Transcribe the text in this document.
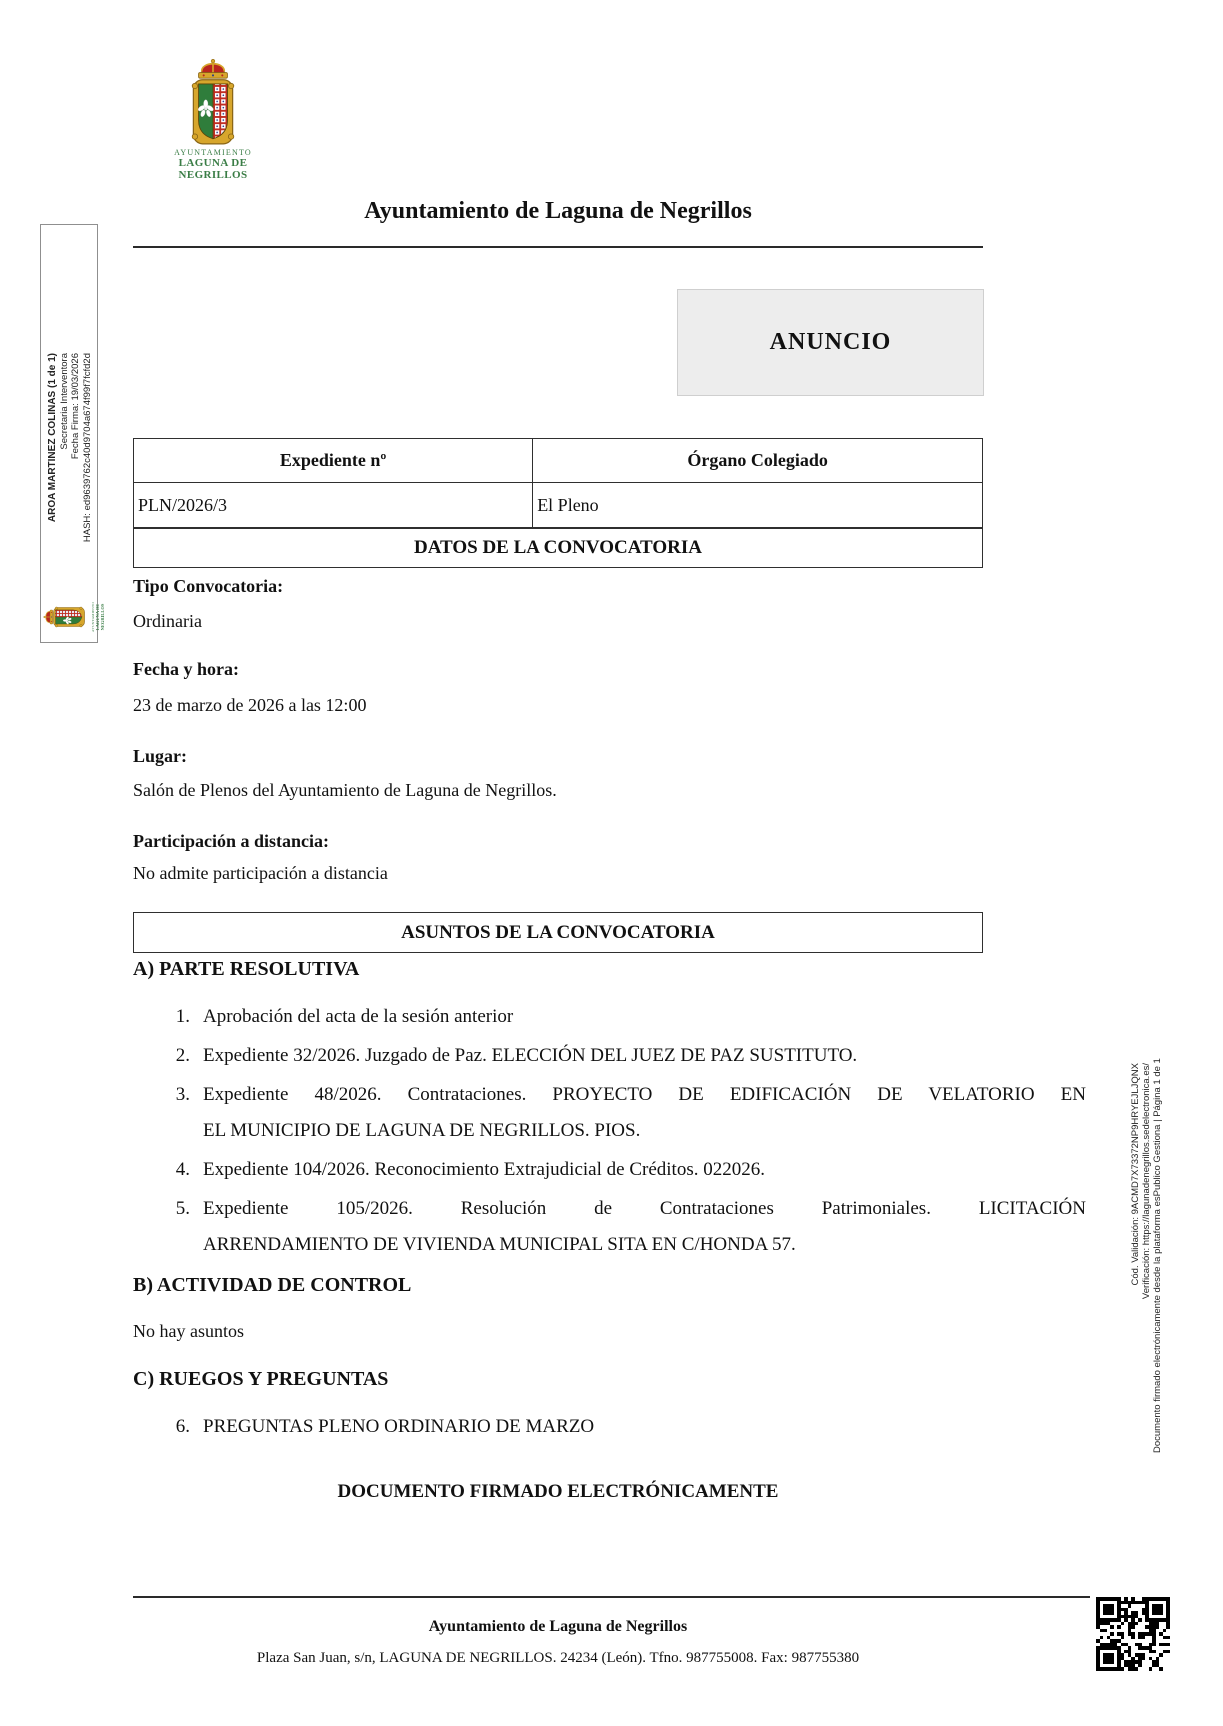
AYUNTAMIENTO
LAGUNA DE NEGRILLOS
Ayuntamiento de Laguna de Negrillos
ANUNCIO
Expediente nº	Órgano Colegiado
PLN/2026/3	El Pleno
DATOS DE LA CONVOCATORIA
Tipo Convocatoria:
Ordinaria
Fecha y hora:
23 de marzo de 2026 a las 12:00
Lugar:
Salón de Plenos del Ayuntamiento de Laguna de Negrillos.
Participación a distancia:
No admite participación a distancia
ASUNTOS DE LA CONVOCATORIA
A) PARTE RESOLUTIVA
1. Aprobación del acta de la sesión anterior
2. Expediente 32/2026. Juzgado de Paz. ELECCIÓN DEL JUEZ DE PAZ SUSTITUTO.
3. Expediente 48/2026. Contrataciones. PROYECTO DE EDIFICACIÓN DE VELATORIO EN
EL MUNICIPIO DE LAGUNA DE NEGRILLOS. PIOS.
4. Expediente 104/2026. Reconocimiento Extrajudicial de Créditos. 022026.
5. Expediente 105/2026. Resolución de Contrataciones Patrimoniales. LICITACIÓN
ARRENDAMIENTO DE VIVIENDA MUNICIPAL SITA EN C/HONDA 57.
B) ACTIVIDAD DE CONTROL
No hay asuntos
C) RUEGOS Y PREGUNTAS
6. PREGUNTAS PLENO ORDINARIO DE MARZO
DOCUMENTO FIRMADO ELECTRÓNICAMENTE
Ayuntamiento de Laguna de Negrillos
Plaza San Juan, s/n, LAGUNA DE NEGRILLOS. 24234 (León). Tfno. 987755008. Fax: 987755380
AROA MARTINEZ COLINAS (1 de 1) Secretaria Interventora Fecha Firma: 19/03/2026 HASH: ed9639762c40d9704a674f99f7fcfd2d
AYUNTAMIENTO LAGUNA DE NEGRILLOS
Cód. Validación: 9ACMD7X73372NP9HRYEJLJQNX Verificación: https://lagunadenegrillos.sedelectronica.es/ Documento firmado electrónicamente desde la plataforma esPublico Gestiona | Página 1 de 1
